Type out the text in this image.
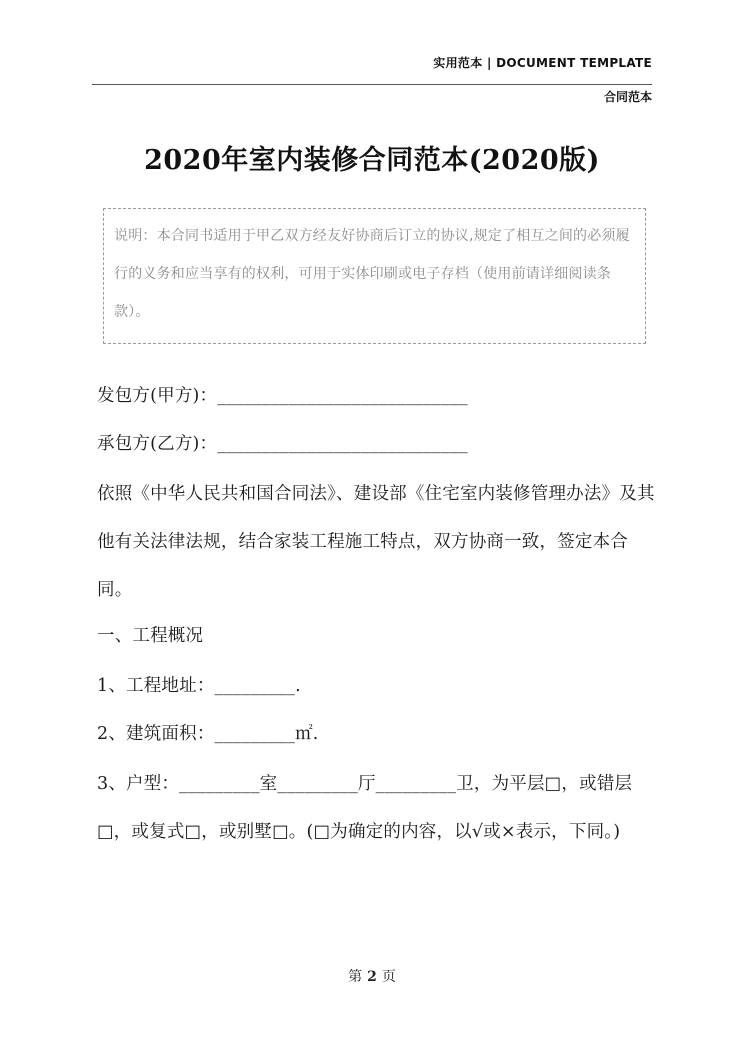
实用范本 | DOCUMENT TEMPLATE
合同范本
2020年室内装修合同范本(2020版)
说明：本合同书适用于甲乙双方经友好协商后订立的协议,规定了相互之间的必须履行的义务和应当享有的权利，可用于实体印刷或电子存档（使用前请详细阅读条款）。
发包方(甲方)：____________________________
承包方(乙方)：____________________________
依照《中华人民共和国合同法》、建设部《住宅室内装修管理办法》及其他有关法律法规，结合家装工程施工特点，双方协商一致，签定本合同。
一、工程概况
1、工程地址：_________.
2、建筑面积：_________㎡.
3、户型：_________室_________厅_________卫，为平层□，或错层□，或复式□，或别墅□。(□为确定的内容，以√或×表示，下同。)
第 2 页
